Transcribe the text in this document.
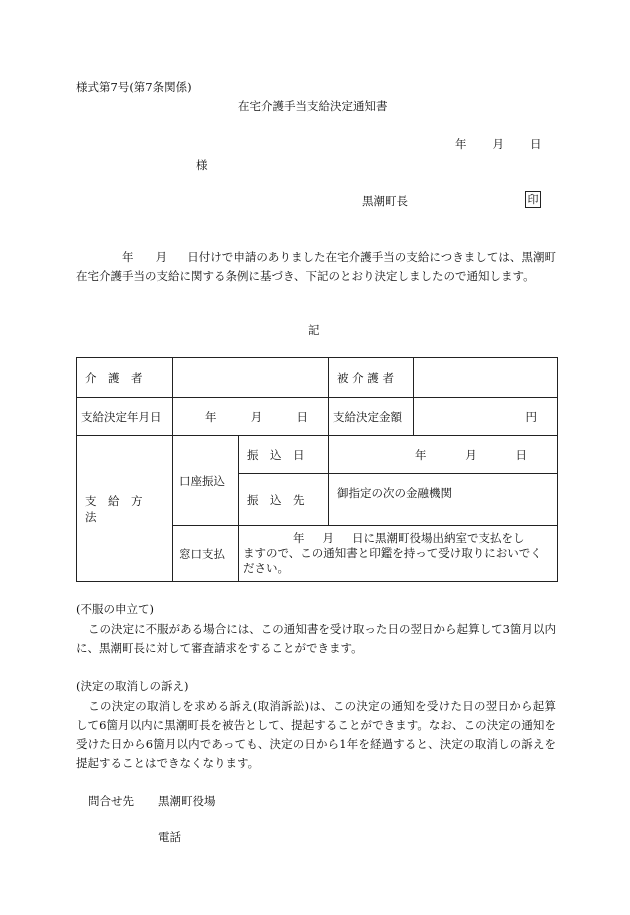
様式第7号(第7条関係)
在宅介護手当支給決定通知書
年 月 日
様
黒潮町長	印
年 月 日付けで申請のありました在宅介護手当の支給につきましては、黒潮町在宅介護手当の支給に関する条例に基づき、下記のとおり決定しましたので通知します。
記
介　護　者			被 介 護 者	
支給決定年月日	年 月 日		支給決定金額	円
支　給　方　法	口座振込	振　込　日	年 月 日	

		振　込　先	御指定の次の金融機関	
	窓口支払	年 月 日に黒潮町役場出納室で支払をし
ますので、この通知書と印鑑を持って受け取りにおいでく
ださい。		
(不服の申立て)
この決定に不服がある場合には、この通知書を受け取った日の翌日から起算して3箇月以内に、黒潮町長に対して審査請求をすることができます。
(決定の取消しの訴え)
この決定の取消しを求める訴え(取消訴訟)は、この決定の通知を受けた日の翌日から起算して6箇月以内に黒潮町長を被告として、提起することができます。なお、この決定の通知を受けた日から6箇月以内であっても、決定の日から1年を経過すると、決定の取消しの訴えを提起することはできなくなります。
問合せ先 黒潮町役場
電話
